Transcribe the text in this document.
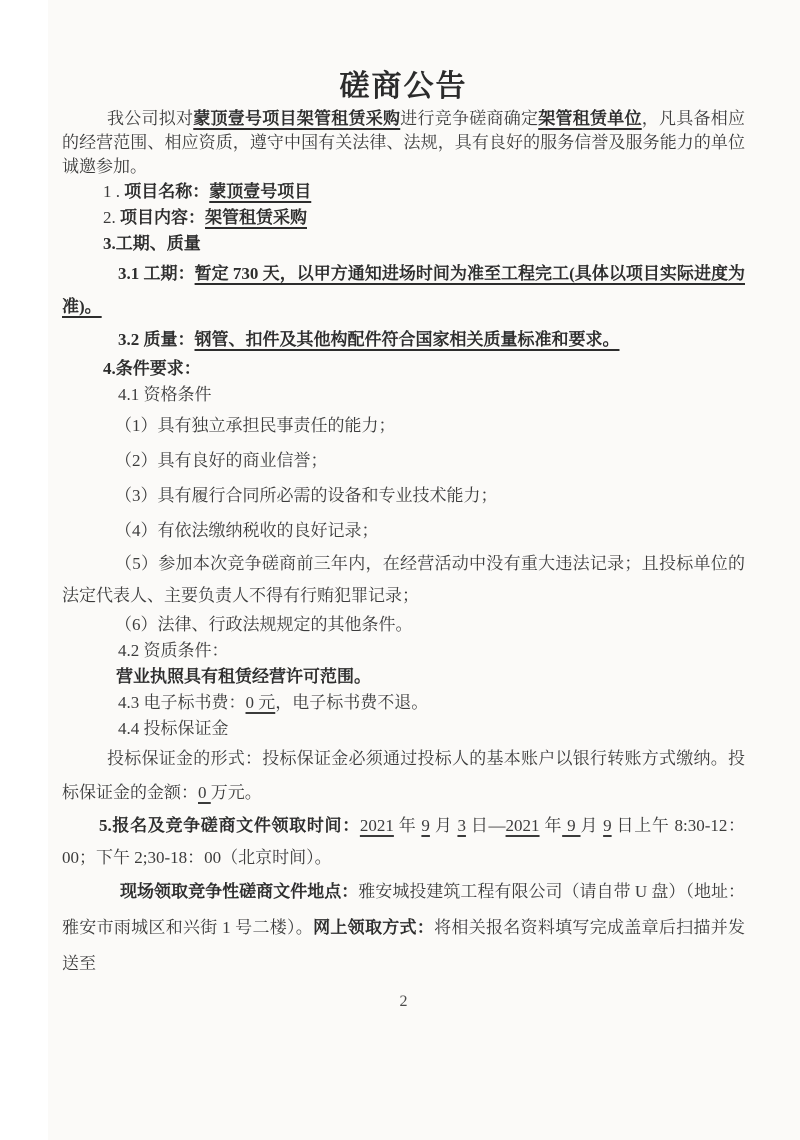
磋商公告

我公司拟对蒙顶壹号项目架管租赁采购进行竞争磋商确定架管租赁单位，凡具备相应的经营范围、相应资质，遵守中国有关法律、法规，具有良好的服务信誉及服务能力的单位诚邀参加。

1 . 项目名称：蒙顶壹号项目

2. 项目内容：架管租赁采购

3.工期、质量

3.1 工期：暂定 730 天，以甲方通知进场时间为准至工程完工(具体以项目实际进度为准)。

3.2 质量：钢管、扣件及其他构配件符合国家相关质量标准和要求。

4.条件要求：

4.1 资格条件

（1）具有独立承担民事责任的能力；

（2）具有良好的商业信誉；

（3）具有履行合同所必需的设备和专业技术能力；

（4）有依法缴纳税收的良好记录；

（5）参加本次竞争磋商前三年内，在经营活动中没有重大违法记录；且投标单位的法定代表人、主要负责人不得有行贿犯罪记录；

（6）法律、行政法规规定的其他条件。

4.2 资质条件：

营业执照具有租赁经营许可范围。

4.3 电子标书费：0 元，电子标书费不退。

4.4 投标保证金

投标保证金的形式：投标保证金必须通过投标人的基本账户以银行转账方式缴纳。投标保证金的金额：0 万元。

5.报名及竞争磋商文件领取时间：2021 年 9 月 3 日—2021 年 9 月 9 日上午 8:30-12：00；下午 2;30-18：00（北京时间）。

现场领取竞争性磋商文件地点：雅安城投建筑工程有限公司（请自带 U 盘）（地址：雅安市雨城区和兴街 1 号二楼）。网上领取方式：将相关报名资料填写完成盖章后扫描并发送至

2
